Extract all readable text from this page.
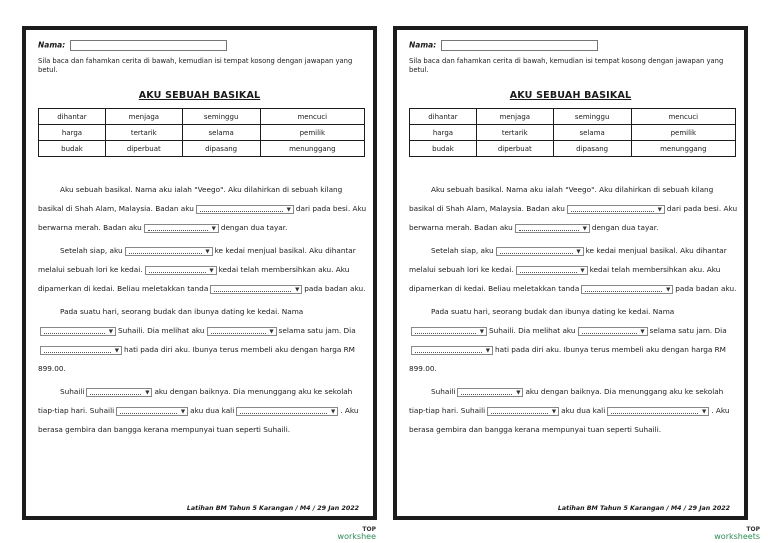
Nama:
Sila baca dan fahamkan cerita di bawah, kemudian isi tempat kosong dengan jawapan yang betul.
AKU SEBUAH BASIKAL
dihantar	menjaga	seminggu	mencuci
harga	tertarik	selama	pemilik
budak	diperbuat	dipasang	menunggang

Aku sebuah basikal. Nama aku ialah "Veego". Aku dilahirkan di sebuah kilang basikal di Shah Alam, Malaysia. Badan aku	▼ dari pada besi. Aku berwarna merah. Badan aku	▼ dengan dua tayar.

Setelah siap, aku	▼ ke kedai menjual basikal. Aku dihantar melalui sebuah lori ke kedai.	▼ kedai telah membersihkan aku. Aku dipamerkan di kedai. Beliau meletakkan tanda	▼ pada badan aku.

Pada suatu hari, seorang budak dan ibunya dating ke kedai. Nama
▼ Suhaili. Dia melihat aku	▼ selama satu jam. Dia
▼ hati pada diri aku. Ibunya terus membeli aku dengan harga RM 899.00.

Suhaili	▼ aku dengan baiknya. Dia menunggang aku ke sekolah tiap-tiap hari. Suhaili	▼ aku dua kali	▼ . Aku berasa gembira dan bangga kerana mempunyai tuan seperti Suhaili.

Latihan BM Tahun 5 Karangan / M4 / 29 Jan 2022
Nama:
Sila baca dan fahamkan cerita di bawah, kemudian isi tempat kosong dengan jawapan yang betul.
AKU SEBUAH BASIKAL
dihantar	menjaga	seminggu	mencuci
harga	tertarik	selama	pemilik
budak	diperbuat	dipasang	menunggang

Aku sebuah basikal. Nama aku ialah "Veego". Aku dilahirkan di sebuah kilang basikal di Shah Alam, Malaysia. Badan aku	▼ dari pada besi. Aku berwarna merah. Badan aku	▼ dengan dua tayar.

Setelah siap, aku	▼ ke kedai menjual basikal. Aku dihantar melalui sebuah lori ke kedai.	▼ kedai telah membersihkan aku. Aku dipamerkan di kedai. Beliau meletakkan tanda	▼ pada badan aku.

Pada suatu hari, seorang budak dan ibunya dating ke kedai. Nama
▼ Suhaili. Dia melihat aku	▼ selama satu jam. Dia
▼ hati pada diri aku. Ibunya terus membeli aku dengan harga RM 899.00.

Suhaili	▼ aku dengan baiknya. Dia menunggang aku ke sekolah tiap-tiap hari. Suhaili	▼ aku dua kali	▼ . Aku berasa gembira dan bangga kerana mempunyai tuan seperti Suhaili.

Latihan BM Tahun 5 Karangan / M4 / 29 Jan 2022
TOP
workshee
TOP
worksheets
